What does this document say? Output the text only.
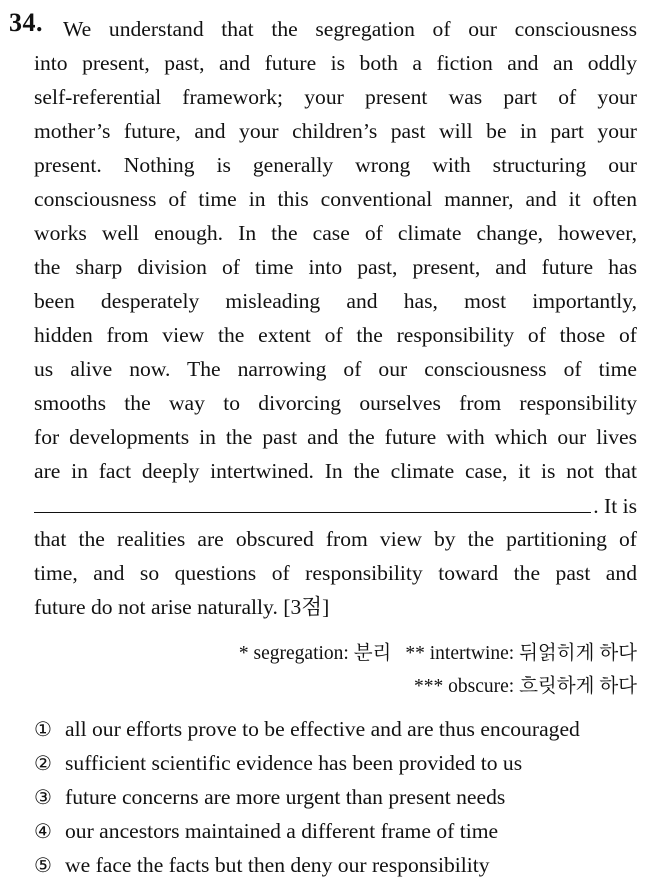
34. We understand that the segregation of our consciousness
into present, past, and future is both a fiction and an oddly
self-referential framework; your present was part of your
mother’s future, and your children’s past will be in part your
present. Nothing is generally wrong with structuring our
consciousness of time in this conventional manner, and it often
works well enough. In the case of climate change, however,
the sharp division of time into past, present, and future has
been desperately misleading and has, most importantly,
hidden from view the extent of the responsibility of those of
us alive now. The narrowing of our consciousness of time
smooths the way to divorcing ourselves from responsibility
for developments in the past and the future with which our lives
are in fact deeply intertwined. In the climate case, it is not that
. It is
that the realities are obscured from view by the partitioning of
time, and so questions of responsibility toward the past and
future do not arise naturally. [3점]
* segregation: 분리 ** intertwine: 뒤얽히게 하다
*** obscure: 흐릿하게 하다
① all our efforts prove to be effective and are thus encouraged
② sufficient scientific evidence has been provided to us
③ future concerns are more urgent than present needs
④ our ancestors maintained a different frame of time
⑤ we face the facts but then deny our responsibility
